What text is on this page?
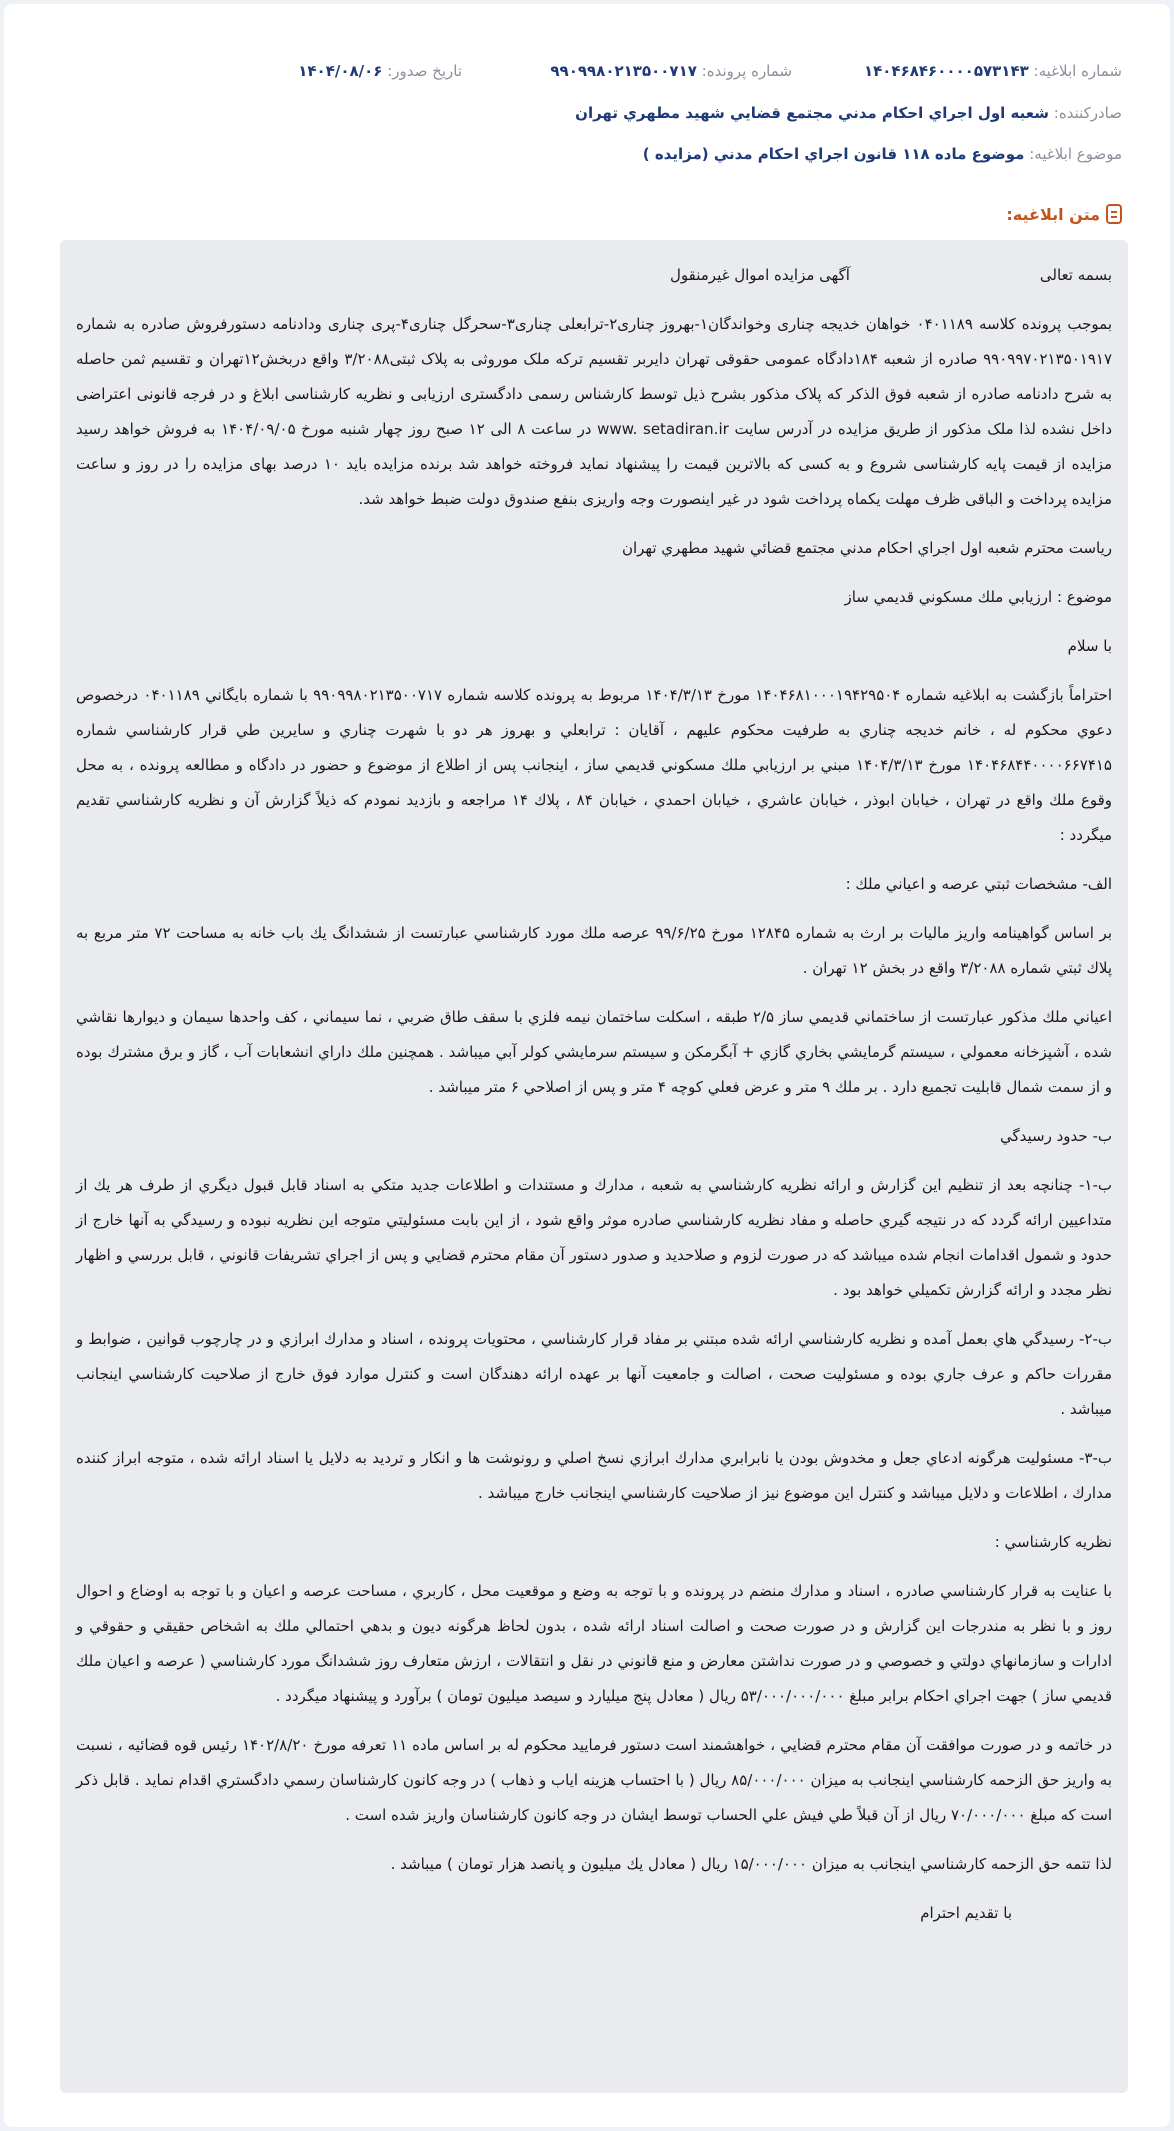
شماره ابلاغیه: ۱۴۰۴۶۸۴۶۰۰۰۰۵۷۳۱۴۳
شماره پرونده: ۹۹۰۹۹۸۰۲۱۳۵۰۰۷۱۷
تاریخ صدور: ۱۴۰۴/۰۸/۰۶
صادرکننده: شعبه اول اجراي احكام مدني مجتمع قضايي شهيد مطهري تهران
موضوع ابلاغیه: موضوع ماده ۱۱۸ قانون اجراي احكام مدني (مزايده )
متن ابلاغیه:

بسمه تعالی
آگهی مزایده اموال غیرمنقول

بموجب پرونده کلاسه ۰۴۰۱۱۸۹ خواهان خدیجه چناری وخواندگان۱-بهروز چناری۲-ترابعلی چناری۳-سحرگل چناری۴-پری چناری ودادنامه دستورفروش صادره به شماره ۹۹۰۹۹۷۰۲۱۳۵۰۱۹۱۷ صادره از شعبه ۱۸۴دادگاه عمومی حقوقی تهران دایربر تقسیم ترکه ملک موروثی به پلاک ثبتی۳/۲۰۸۸ واقع دربخش۱۲تهران و تقسیم ثمن حاصله به شرح دادنامه صادره از شعبه فوق الذکر که پلاک مذکور بشرح ذیل توسط کارشناس رسمی دادگستری ارزیابی و نظریه کارشناسی ابلاغ و در فرجه قانونی اعتراضی داخل نشده لذا ملک مذکور از طریق مزایده در آدرس سایت www. setadiran.ir در ساعت ۸ الی ۱۲ صبح روز چهار شنبه مورخ ۱۴۰۴/۰۹/۰۵ به فروش خواهد رسید مزایده از قیمت پایه کارشناسی شروع و به کسی که بالاترین قیمت را پیشنهاد نماید فروخته خواهد شد برنده مزایده باید ۱۰ درصد بهای مزایده را در روز و ساعت مزایده پرداخت و الباقی ظرف مهلت یکماه پرداخت شود در غیر اینصورت وجه واریزی بنفع صندوق دولت ضبط خواهد شد.

رياست محترم شعبه اول اجراي احكام مدني مجتمع قضائي شهيد مطهري تهران

موضوع : ارزيابي ملك مسكوني قديمي ساز

با سلام

احتراماً بازگشت به ابلاغيه شماره ۱۴۰۴۶۸۱۰۰۰۱۹۴۲۹۵۰۴ مورخ ۱۴۰۴/۳/۱۳ مربوط به پرونده كلاسه شماره ۹۹۰۹۹۸۰۲۱۳۵۰۰۷۱۷ با شماره بايگاني ۰۴۰۱۱۸۹ درخصوص دعوي محكوم له ، خانم خديجه چناري به طرفيت محكوم عليهم ، آقايان : ترابعلي و بهروز هر دو با شهرت چناري و سايرين طي قرار كارشناسي شماره ۱۴۰۴۶۸۴۴۰۰۰۰۶۶۷۴۱۵ مورخ ۱۴۰۴/۳/۱۳ مبني بر ارزيابي ملك مسكوني قديمي ساز ، اينجانب پس از اطلاع از موضوع و حضور در دادگاه و مطالعه پرونده ، به محل وقوع ملك واقع در تهران ، خيابان ابوذر ، خيابان عاشري ، خيابان احمدي ، خيابان ۸۴ ، پلاك ۱۴ مراجعه و بازديد نمودم كه ذيلاً گزارش آن و نظريه كارشناسي تقديم ميگردد :

الف- مشخصات ثبتي عرصه و اعياني ملك :

بر اساس گواهينامه واريز ماليات بر ارث به شماره ۱۲۸۴۵ مورخ ۹۹/۶/۲۵ عرصه ملك مورد كارشناسي عبارتست از ششدانگ يك باب خانه به مساحت ۷۲ متر مربع به پلاك ثبتي شماره ۳/۲۰۸۸ واقع در بخش ۱۲ تهران .

اعياني ملك مذكور عبارتست از ساختماني قديمي ساز ۲/۵ طبقه ، اسكلت ساختمان نيمه فلزي با سقف طاق ضربي ، نما سيماني ، كف واحدها سيمان و ديوارها نقاشي شده ، آشپزخانه معمولي ، سيستم گرمايشي بخاري گازي + آبگرمكن و سيستم سرمايشي كولر آبي ميباشد . همچنين ملك داراي انشعابات آب ، گاز و برق مشترك بوده و از سمت شمال قابليت تجميع دارد . بر ملك ۹ متر و عرض فعلي كوچه ۴ متر و پس از اصلاحي ۶ متر ميباشد .

ب- حدود رسيدگي

ب-۱- چنانچه بعد از تنظيم اين گزارش و ارائه نظريه كارشناسي به شعبه ، مدارك و مستندات و اطلاعات جديد متكي به اسناد قابل قبول ديگري از طرف هر يك از متداعيين ارائه گردد كه در نتيجه گيري حاصله و مفاد نظريه كارشناسي صادره موثر واقع شود ، از اين بابت مسئوليتي متوجه اين نظريه نبوده و رسيدگي به آنها خارج از حدود و شمول اقدامات انجام شده ميباشد كه در صورت لزوم و صلاحديد و صدور دستور آن مقام محترم قضايي و پس از اجراي تشريفات قانوني ، قابل بررسي و اظهار نظر مجدد و ارائه گزارش تكميلي خواهد بود .

ب-۲- رسيدگي هاي بعمل آمده و نظريه كارشناسي ارائه شده مبتني بر مفاد قرار كارشناسي ، محتويات پرونده ، اسناد و مدارك ابرازي و در چارچوب قوانين ، ضوابط و مقررات حاكم و عرف جاري بوده و مسئوليت صحت ، اصالت و جامعيت آنها بر عهده ارائه دهندگان است و كنترل موارد فوق خارج از صلاحيت كارشناسي اينجانب ميباشد .

ب-۳- مسئوليت هرگونه ادعاي جعل و مخدوش بودن يا نابرابري مدارك ابرازي نسخ اصلي و رونوشت ها و انكار و ترديد به دلايل يا اسناد ارائه شده ، متوجه ابراز كننده مدارك ، اطلاعات و دلايل ميباشد و كنترل اين موضوع نيز از صلاحيت كارشناسي اينجانب خارج ميباشد .

نظريه كارشناسي :

با عنايت به قرار كارشناسي صادره ، اسناد و مدارك منضم در پرونده و با توجه به وضع و موقعيت محل ، كاربري ، مساحت عرصه و اعيان و با توجه به اوضاع و احوال روز و با نظر به مندرجات اين گزارش و در صورت صحت و اصالت اسناد ارائه شده ، بدون لحاظ هرگونه ديون و بدهي احتمالي ملك به اشخاص حقيقي و حقوقي و ادارات و سازمانهاي دولتي و خصوصي و در صورت نداشتن معارض و منع قانوني در نقل و انتقالات ، ارزش متعارف روز ششدانگ مورد كارشناسي ( عرصه و اعيان ملك قديمي ساز ) جهت اجراي احكام برابر مبلغ ۵۳/۰۰۰/۰۰۰/۰۰۰ ريال ( معادل پنج ميليارد و سيصد ميليون تومان ) برآورد و پيشنهاد ميگردد .

در خاتمه و در صورت موافقت آن مقام محترم قضايي ، خواهشمند است دستور فرماييد محكوم له بر اساس ماده ۱۱ تعرفه مورخ ۱۴۰۲/۸/۲۰ رئيس قوه قضائيه ، نسبت به واريز حق الزحمه كارشناسي اينجانب به ميزان ۸۵/۰۰۰/۰۰۰ ريال ( با احتساب هزينه اياب و ذهاب ) در وجه كانون كارشناسان رسمي دادگستري اقدام نمايد . قابل ذكر است كه مبلغ ۷۰/۰۰۰/۰۰۰ ريال از آن قبلاً طي فيش علي الحساب توسط ايشان در وجه كانون كارشناسان واريز شده است .

لذا تتمه حق الزحمه كارشناسي اينجانب به ميزان ۱۵/۰۰۰/۰۰۰ ريال ( معادل يك ميليون و پانصد هزار تومان ) ميباشد .

با تقديم احترام
